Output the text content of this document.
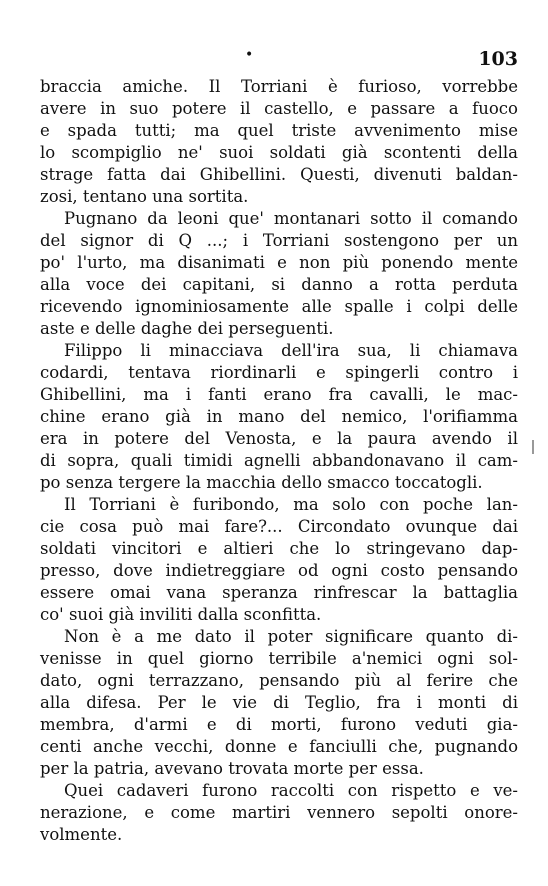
•	103
braccia amiche. Il Torriani è furioso, vorrebbe
avere in suo potere il castello, e passare a fuoco
e spada tutti; ma quel triste avvenimento mise
lo scompiglio ne' suoi soldati già scontenti della
strage fatta dai Ghibellini. Questi, divenuti baldan-
zosi, tentano una sortita.
Pugnano da leoni que' montanari sotto il comando
del signor di Q ...; i Torriani sostengono per un
po' l'urto, ma disanimati e non più ponendo mente
alla voce dei capitani, si danno a rotta perduta
ricevendo ignominiosamente alle spalle i colpi delle
aste e delle daghe dei perseguenti.
Filippo li minacciava dell'ira sua, li chiamava
codardi, tentava riordinarli e spingerli contro i
Ghibellini, ma i fanti erano fra cavalli, le mac-
chine erano già in mano del nemico, l'orifiamma
era in potere del Venosta, e la paura avendo il
di sopra, quali timidi agnelli abbandonavano il cam-
po senza tergere la macchia dello smacco toccatogli.
Il Torriani è furibondo, ma solo con poche lan-
cie cosa può mai fare?... Circondato ovunque dai
soldati vincitori e altieri che lo stringevano dap-
presso, dove indietreggiare od ogni costo pensando
essere omai vana speranza rinfrescar la battaglia
co' suoi già inviliti dalla sconfitta.
Non è a me dato il poter significare quanto di-
venisse in quel giorno terribile a'nemici ogni sol-
dato, ogni terrazzano, pensando più al ferire che
alla difesa. Per le vie di Teglio, fra i monti di
membra, d'armi e di morti, furono veduti gia-
centi anche vecchi, donne e fanciulli che, pugnando
per la patria, avevano trovata morte per essa.
Quei cadaveri furono raccolti con rispetto e ve-
nerazione, e come martiri vennero sepolti onore-
volmente.
